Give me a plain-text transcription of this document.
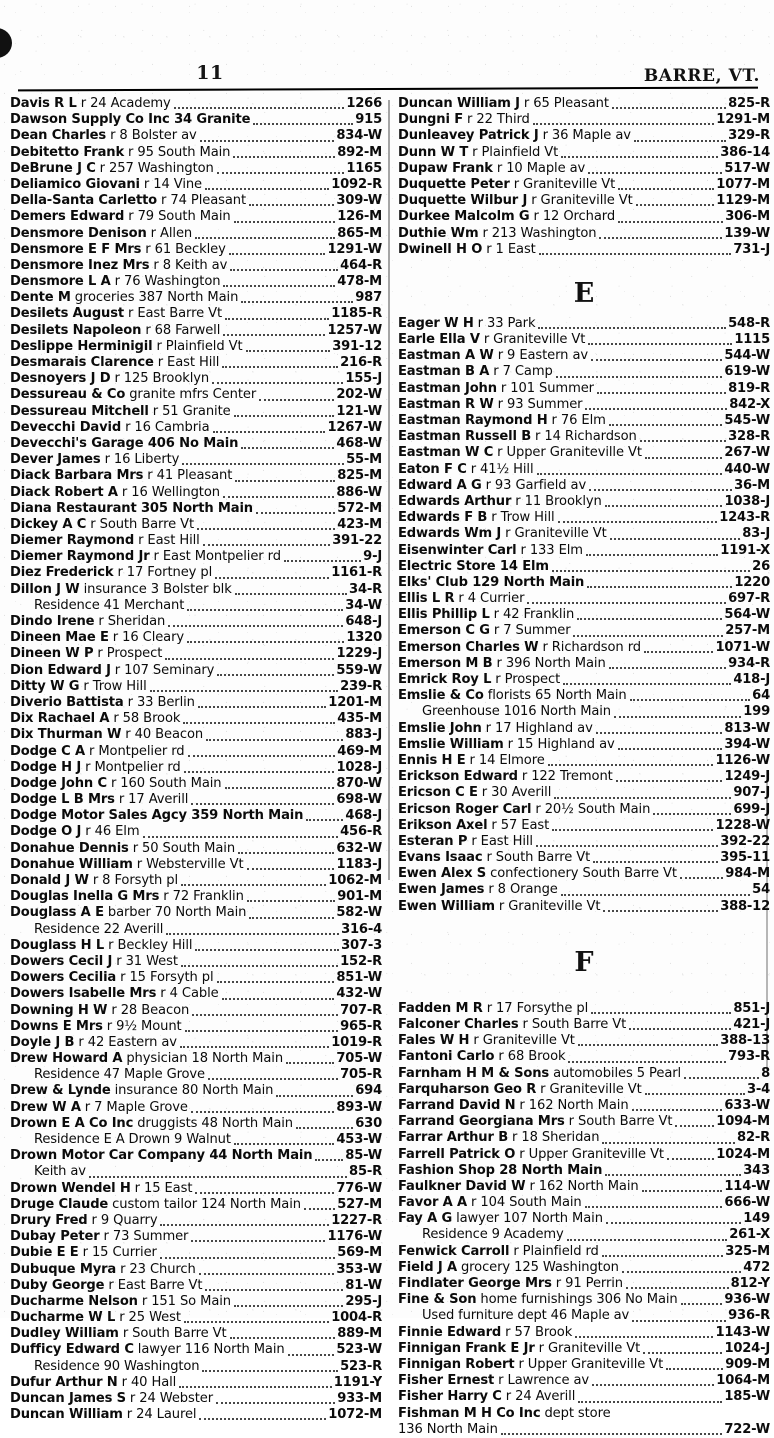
11	BARRE, VT.
Davis R L r 24 Academy	1266
Dawson Supply Co Inc 34 Granite	915
Dean Charles r 8 Bolster av	834-W
Debitetto Frank r 95 South Main	892-M
DeBrune J C r 257 Washington	1165
Deliamico Giovani r 14 Vine	1092-R
Della-Santa Carletto r 74 Pleasant	309-W
Demers Edward r 79 South Main	126-M
Densmore Denison r Allen	865-M
Densmore E F Mrs r 61 Beckley	1291-W
Densmore Inez Mrs r 8 Keith av	464-R
Densmore L A r 76 Washington	478-M
Dente M groceries 387 North Main	987
Desilets August r East Barre Vt	1185-R
Desilets Napoleon r 68 Farwell	1257-W
Deslippe Herminigil r Plainfield Vt	391-12
Desmarais Clarence r East Hill	216-R
Desnoyers J D r 125 Brooklyn	155-J
Dessureau & Co granite mfrs Center	202-W
Dessureau Mitchell r 51 Granite	121-W
Devecchi David r 16 Cambria	1267-W
Devecchi's Garage 406 No Main	468-W
Dever James r 16 Liberty	55-M
Diack Barbara Mrs r 41 Pleasant	825-M
Diack Robert A r 16 Wellington	886-W
Diana Restaurant 305 North Main	572-M
Dickey A C r South Barre Vt	423-M
Diemer Raymond r East Hill	391-22
Diemer Raymond Jr r East Montpelier rd	9-J
Diez Frederick r 17 Fortney pl	1161-R
Dillon J W insurance 3 Bolster blk	34-R
Residence 41 Merchant	34-W
Dindo Irene r Sheridan	648-J
Dineen Mae E r 16 Cleary	1320
Dineen W P r Prospect	1229-J
Dion Edward J r 107 Seminary	559-W
Ditty W G r Trow Hill	239-R
Diverio Battista r 33 Berlin	1201-M
Dix Rachael A r 58 Brook	435-M
Dix Thurman W r 40 Beacon	883-J
Dodge C A r Montpelier rd	469-M
Dodge H J r Montpelier rd	1028-J
Dodge John C r 160 South Main	870-W
Dodge L B Mrs r 17 Averill	698-W
Dodge Motor Sales Agcy 359 North Main	468-J
Dodge O J r 46 Elm	456-R
Donahue Dennis r 50 South Main	632-W
Donahue William r Websterville Vt	1183-J
Donald J W r 8 Forsyth pl	1062-M
Douglas Inella G Mrs r 72 Franklin	901-M
Douglass A E barber 70 North Main	582-W
Residence 22 Averill	316-4
Douglass H L r Beckley Hill	307-3
Dowers Cecil J r 31 West	152-R
Dowers Cecilia r 15 Forsyth pl	851-W
Dowers Isabelle Mrs r 4 Cable	432-W
Downing H W r 28 Beacon	707-R
Downs E Mrs r 9½ Mount	965-R
Doyle J B r 42 Eastern av	1019-R
Drew Howard A physician 18 North Main	705-W
Residence 47 Maple Grove	705-R
Drew & Lynde insurance 80 North Main	694
Drew W A r 7 Maple Grove	893-W
Drown E A Co Inc druggists 48 North Main	630
Residence E A Drown 9 Walnut	453-W
Drown Motor Car Company 44 North Main	85-W
Keith av	85-R
Drown Wendel H r 15 East	776-W
Druge Claude custom tailor 124 North Main	527-M
Drury Fred r 9 Quarry	1227-R
Dubay Peter r 73 Summer	1176-W
Dubie E E r 15 Currier	569-M
Dubuque Myra r 23 Church	353-W
Duby George r East Barre Vt	81-W
Ducharme Nelson r 151 So Main	295-J
Ducharme W L r 25 West	1004-R
Dudley William r South Barre Vt	889-M
Dufficy Edward C lawyer 116 North Main	523-W
Residence 90 Washington	523-R
Dufur Arthur N r 40 Hall	1191-Y
Duncan James S r 24 Webster	933-M
Duncan William r 24 Laurel	1072-M
Duncan William J r 65 Pleasant	825-R
Dungni F r 22 Third	1291-M
Dunleavey Patrick J r 36 Maple av	329-R
Dunn W T r Plainfield Vt	386-14
Dupaw Frank r 10 Maple av	517-W
Duquette Peter r Graniteville Vt	1077-M
Duquette Wilbur J r Graniteville Vt	1129-M
Durkee Malcolm G r 12 Orchard	306-M
Duthie Wm r 213 Washington	139-W
Dwinell H O r 1 East	731-J
E
Eager W H r 33 Park	548-R
Earle Ella V r Graniteville Vt	1115
Eastman A W r 9 Eastern av	544-W
Eastman B A r 7 Camp	619-W
Eastman John r 101 Summer	819-R
Eastman R W r 93 Summer	842-X
Eastman Raymond H r 76 Elm	545-W
Eastman Russell B r 14 Richardson	328-R
Eastman W C r Upper Graniteville Vt	267-W
Eaton F C r 41½ Hill	440-W
Edward A G r 93 Garfield av	36-M
Edwards Arthur r 11 Brooklyn	1038-J
Edwards F B r Trow Hill	1243-R
Edwards Wm J r Graniteville Vt	83-J
Eisenwinter Carl r 133 Elm	1191-X
Electric Store 14 Elm	26
Elks' Club 129 North Main	1220
Ellis L R r 4 Currier	697-R
Ellis Phillip L r 42 Franklin	564-W
Emerson C G r 7 Summer	257-M
Emerson Charles W r Richardson rd	1071-W
Emerson M B r 396 North Main	934-R
Emrick Roy L r Prospect	418-J
Emslie & Co florists 65 North Main	64
Greenhouse 1016 North Main	199
Emslie John r 17 Highland av	813-W
Emslie William r 15 Highland av	394-W
Ennis H E r 14 Elmore	1126-W
Erickson Edward r 122 Tremont	1249-J
Ericson C E r 30 Averill	907-J
Ericson Roger Carl r 20½ South Main	699-J
Erikson Axel r 57 East	1228-W
Esteran P r East Hill	392-22
Evans Isaac r South Barre Vt	395-11
Ewen Alex S confectionery South Barre Vt	984-M
Ewen James r 8 Orange	54
Ewen William r Graniteville Vt	388-12
F
Fadden M R r 17 Forsythe pl	851-J
Falconer Charles r South Barre Vt	421-J
Fales W H r Graniteville Vt	388-13
Fantoni Carlo r 68 Brook	793-R
Farnham H M & Sons automobiles 5 Pearl	8
Farquharson Geo R r Graniteville Vt	3-4
Farrand David N r 162 North Main	633-W
Farrand Georgiana Mrs r South Barre Vt	1094-M
Farrar Arthur B r 18 Sheridan	82-R
Farrell Patrick O r Upper Graniteville Vt	1024-M
Fashion Shop 28 North Main	343
Faulkner David W r 162 North Main	114-W
Favor A A r 104 South Main	666-W
Fay A G lawyer 107 North Main	149
Residence 9 Academy	261-X
Fenwick Carroll r Plainfield rd	325-M
Field J A grocery 125 Washington	472
Findlater George Mrs r 91 Perrin	812-Y
Fine & Son home furnishings 306 No Main	936-W
Used furniture dept 46 Maple av	936-R
Finnie Edward r 57 Brook	1143-W
Finnigan Frank E Jr r Graniteville Vt	1024-J
Finnigan Robert r Upper Graniteville Vt	909-M
Fisher Ernest r Lawrence av	1064-M
Fisher Harry C r 24 Averill	185-W
Fishman M H Co Inc dept store
136 North Main	722-W
